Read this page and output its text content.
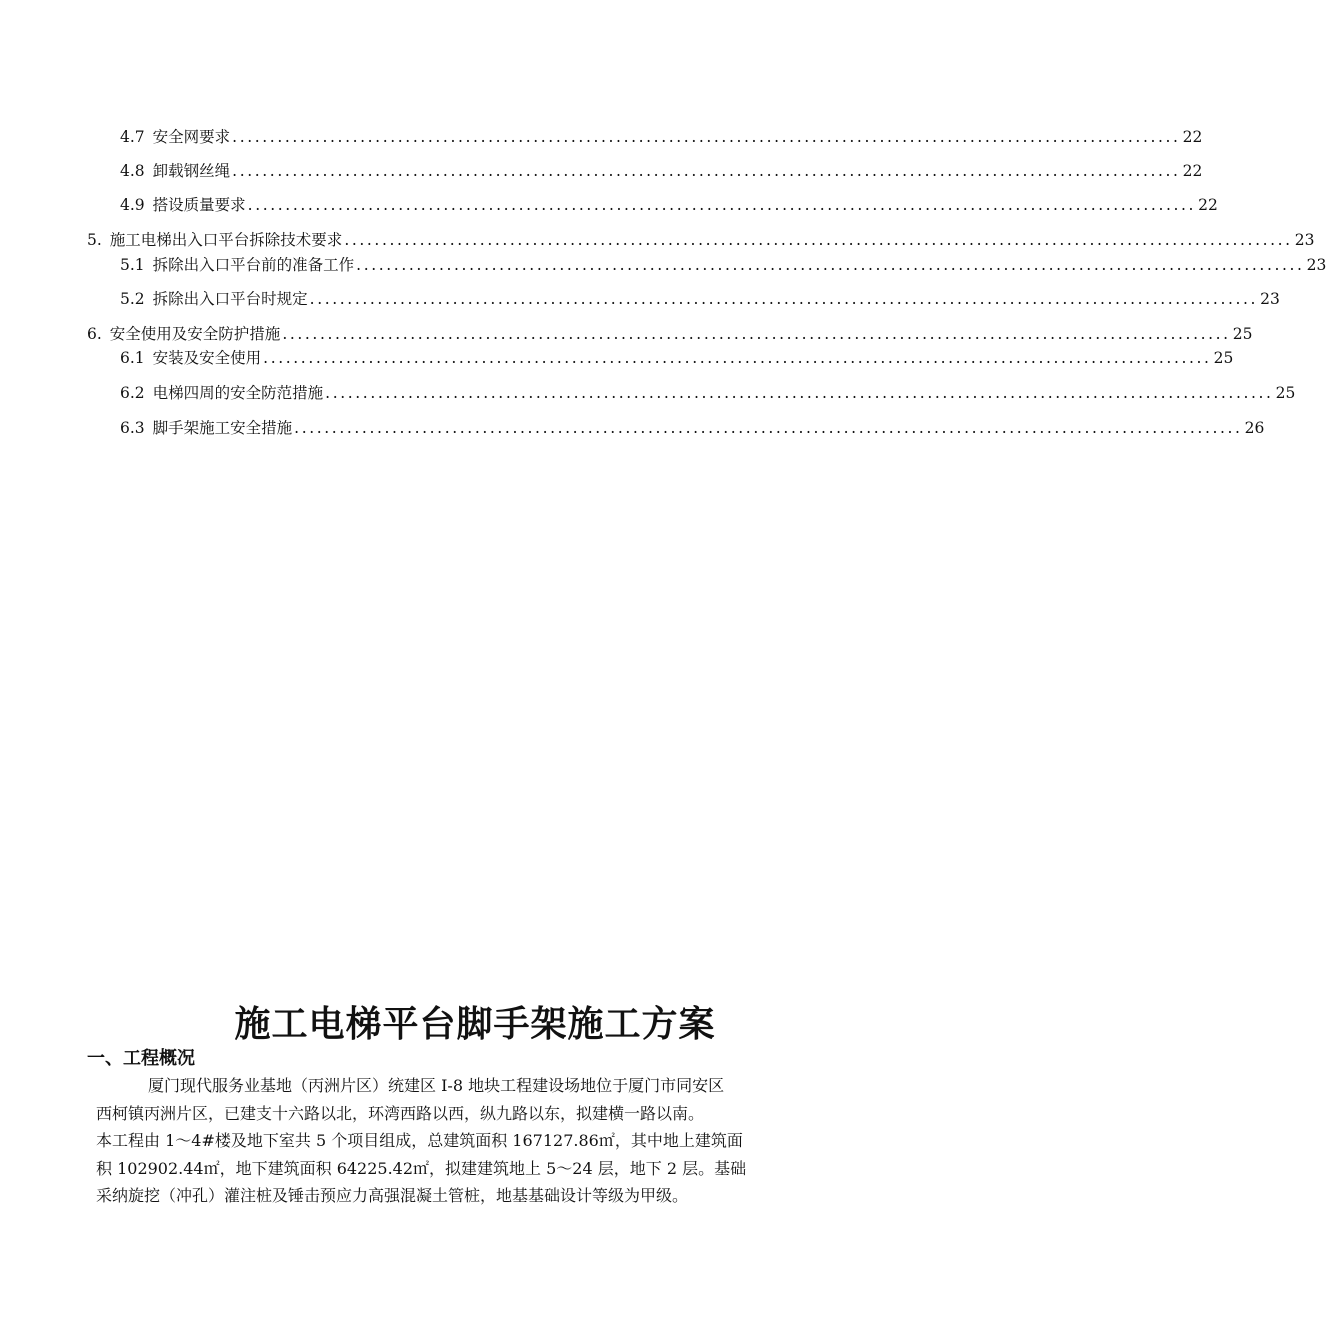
4.7 安全网要求 .............................................................................................................................. 22
4.8 卸载钢丝绳 .............................................................................................................................. 22
4.9 搭设质量要求 .............................................................................................................................. 22
5. 施工电梯出入口平台拆除技术要求 .............................................................................................................................. 23
5.1 拆除出入口平台前的准备工作 .............................................................................................................................. 23
5.2 拆除出入口平台时规定 .............................................................................................................................. 23
6. 安全使用及安全防护措施 .............................................................................................................................. 25
6.1 安装及安全使用 .............................................................................................................................. 25
6.2 电梯四周的安全防范措施 .............................................................................................................................. 25
6.3 脚手架施工安全措施 .............................................................................................................................. 26
施工电梯平台脚手架施工方案
一、工程概况
厦门现代服务业基地（丙洲片区）统建区 I-8 地块工程建设场地位于厦门市同安区
西柯镇丙洲片区，已建支十六路以北，环湾西路以西，纵九路以东，拟建横一路以南。
本工程由 1～4#楼及地下室共 5 个项目组成，总建筑面积 167127.86㎡，其中地上建筑面
积 102902.44㎡，地下建筑面积 64225.42㎡，拟建建筑地上 5～24 层，地下 2 层。基础
采纳旋挖（冲孔）灌注桩及锤击预应力高强混凝土管桩，地基基础设计等级为甲级。
